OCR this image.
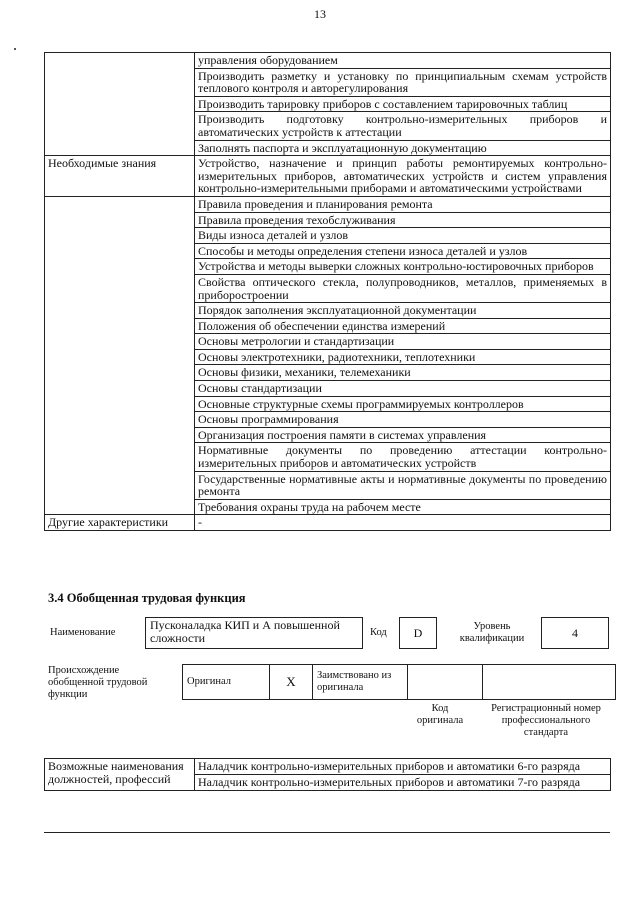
13
	управления оборудованием
	Производить разметку и установку по принципиальным схемам устройств теплового контроля и авторегулирования
	Производить тарировку приборов с составлением тарировочных таблиц
	Производить подготовку контрольно-измерительных приборов и автоматических устройств к аттестации
	Заполнять паспорта и эксплуатационную документацию
Необходимые знания	Устройство, назначение и принцип работы ремонтируемых контрольно-измерительных приборов, автоматических устройств и систем управления контрольно-измерительными приборами и автоматическими устройствами
	Правила проведения и планирования ремонта
	Правила проведения техобслуживания
	Виды износа деталей и узлов
	Способы и методы определения степени износа деталей и узлов
	Устройства и методы выверки сложных контрольно-юстировочных приборов
	Свойства оптического стекла, полупроводников, металлов, применяемых в приборостроении
	Порядок заполнения эксплуатационной документации
	Положения об обеспечении единства измерений
	Основы метрологии и стандартизации
	Основы электротехники, радиотехники, теплотехники
	Основы физики, механики, телемеханики
	Основы стандартизации
	Основные структурные схемы программируемых контроллеров
	Основы программирования
	Организация построения памяти в системах управления
	Нормативные документы по проведению аттестации контрольно-измерительных приборов и автоматических устройств
	Государственные нормативные акты и нормативные документы по проведению ремонта
	Требования охраны труда на рабочем месте
Другие характеристики	-
3.4 Обобщенная трудовая функция
Наименование
Пусконаладка КИП и А повышенной сложности	Код D	Уровень квалификации	4
Происхождение обобщенной трудовой функции
Оригинал	X	Заимствовано из оригинала		
Код оригинала
Регистрационный номер профессионального стандарта
Возможные наименования должностей, профессий	Наладчик контрольно-измерительных приборов и автоматики 6-го разряда
Наладчик контрольно-измерительных приборов и автоматики 7-го разряда
